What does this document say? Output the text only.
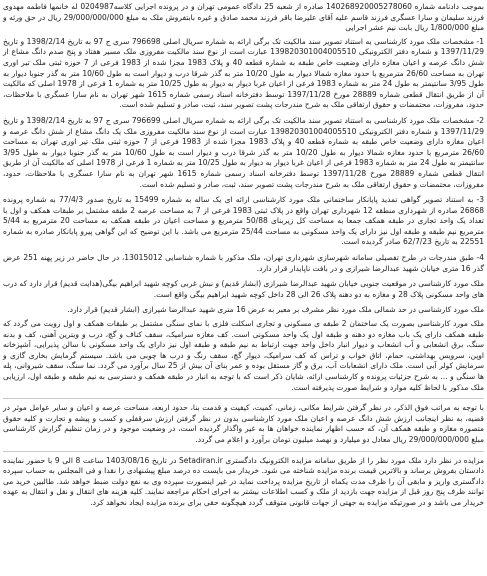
بموجب دادنامه شماره 140268920005278060 صادره از شعبه 25 دادگاه عمومی تهران و در پرونده اجرایی کلاسه0204987 له خانمها فاطمه مهدوی فرزند سلیمان و سارا عسگری فرزند قاسم علیه آقای علیرضا باقر فرزند محمد صادق و غیره بابتفروش ملک به مبلغ 29/000/000/000 ریال در حق ورثه و مبلغ 1/800/000 ریال بابت نیم عشر اجرایی

1- مشخصات ملک مورد کارشناسی به استناد تصویر سند مالکیت تک برگی ارائه به شماره سریال اصلی 796698 سری ج 97 به تاریخ 1398/2/14 و تاریخ 1397/11/29 و شماره دفتر الکترونیکی 139820301004005510 عبارت است از نوع سند مالکیت مفروزی ملک مسیر هفتاد و پنج صدم دانگ مشاع از شش دانگ عرصه و اعیان مغازه دارای وضعیت خاص طبقه به شماره قطعه 40 و پلاک 1983 مجزا شده از 1983 فرعی از 7 حوزه ثبتی ملک تیر اوری تهران به مساحت 26/60 مترمربع با حدود مغازه شمالا دیوار به طول 10/20 متر به گذر شرقا درب و دیوار است به طول 10/60 متر به گذر جنوبا دیوار به طول 3/95 سانتیمتر به طول 24 متر به شماره 1983 فرعی از اعیان غربا دیوار به دیوار به طول 10/25 متر به شماره 1 فرعی از 1978 اصلی که مالکیت آن از طریق انتقال قطعی شماره 28889 مورخ 1397/11/28 توسط دفترخانه اسناد رسمی شماره 1615 شهر تهران به نام سارا عسگری با ملاحظات، حدود، مفروزات، محتمضات و حقوق ارتفاقی ملک به شرح مندرجات پشت تصویر سند، ثبت، صادر و تسلیم شده است.

2- مشخصات ملک مورد کارشناسی به استناد تصویر سند مالکیت تک برگی ارائه به شماره سریال اصلی 796699 سری ج 97 به تاریخ 1398/2/14 و تاریخ 1397/11/29 و شماره دفتر الکترونیکی 139820301004005510 عبارت است از نوع سند مالکیت مفروزی ملک یک دانگ مشاع از شش دانگ عرصه و اعیان مغازه دارای وضعیت خاص طبقه به شماره قطعه 40 و پلاک 1983 مجزا شده از 1983 فرعی از 7 حوزه ثبتی ملک تیر اوری تهران به مساحت 26/60 مترمربع با حدود مغازه شمالا دیوار به طول 10/20 متر به گذر شرقا درب و دیوار است به طول 10/60 متر به گذر جنوبا دیوار به طول 3/95 سانتیمتر به طول 24 متر به شماره 1983 فرعی از اعیان غربا دیوار به دیوار به طول 10/25 متر به شماره 1 فرعی از 1978 اصلی که مالکیت آن از طریق انتقال قطعی شماره 28889 مورخ 1397/11/28 توسط دفترخانه اسناد رسمی شماره 1615 شهر تهران به نام سارا عسگری با ملاحظات، حدود، مفروزات، محتمضات و حقوق ارتفاقی ملک به شرح مندرجات پشت تصویر سند، ثبت، صادر و تسلیم شده است.

3- به استناد تصویر گواهی تمدید پایانکار ساختمانی ملک مورد کارشناسی ارائه ای یک ساله به شماره 15499 به تاریخ صدور 77/4/3 به شماره پرونده 26868 صادره از شهرداری منطقه 12 شهرداری تهران واقع در پلاک ثبتی 1983 فرعی از 7 به مساحت عرصه 2 طبقه مشتمل بر طبقات همکف و اول با تعداد یک واحد تجاری در طبقه همکف جمعا به مساحت کل زیربنای 50/88 مترمربع و مساحت اعیان در طبقه همکف به مساحت 20 مترمربع به 5/44 مترمربع نیم طبقه و طبقه اول نیز دارای یک واحد مسکونی به مساحت 25/44 مترمربع می باشد. با این توضیح که این گواهی پیرو پایانکار صادره به شماره 22551 به تاریخ 62/7/23 صادر گردیده است.

4- طبق مندرجات در طرح تفصیلی سامانه شهرسازی شهرداری تهران، ملک مذکور با شماره شناسایی 13015012، در حال حاضر در زیر پهنه 251 عرض گذر 16 متری خیابان شهید عبدالرضا شیرازی و در بافت ناپایدار قرار دارد.

ملک مورد کارشناسی در موقعیت جنوبی خیابان شهید عبدالرضا شیرازی (ابشار قدیم) و نبش غربی کوچه شهید ابراهیم بیگی(هدایت قدیم) قرار دارد که درب های واحد مسکونی پلاک 28 و مغازه به دو دهنه پلاک 26 الی 28 داخل کوچه شهید ابراهیم بیگی واقع است.

ملک مورد کارشناسی در حد شمالی ملک مورد نظر مشرف بر معبر به عرض 16 متری شهید عبدالرضا شیرازی (ابشار قدیم) قرار دارد.

ملک مورد کارشناسی بصورت یک ساختمان 2 طبقه ی مسکونی و تجاری اسکلت فلزی با نمای سنگی مشتمل بر طبقات همکف و اول رویت می گردد که طبقه همکف دارای یک باب مغازه دو دهنه و طبقه اول یک واحد مسکونی است. کف مغازه سرامیک، سقف کناف و گچ، درب و ویترین آهنی، کف و بدنه سنگ، برق انشعابی و آب انشعاب و دیوار انبار داخل واحد جهت ارتباط به نیم طبقه و طبقه اول نیز دارای یک واحد مسکونی با سالن پذیرایی، آشپزخانه اوپن، سرویس بهداشتی، حمام، اتاق خواب و تراس که کف سرامیک، دیوار گچ، سقف رنگ و درب ها چوبی می باشد. سیستم گرمایش بخاری گازی و سرمایش کولر آبی است. ملک دارای انشعابات آب، برق و گاز مستقل بوده و عمر بنای آن بیش از 25 سال برآورد می گردد. نما سنگ، سقف شیروانی، پله ها سنگی و ... به شرح جزئیات پرونده و کارشناسی ارائه، شایان ذکر است که با توجه به انبار در طبقه همکف و دسترسی به نیم طبقه و طبقه اول، ارزیابی ملک مذکور با لحاظ کلیه موارد و شرایط صورت پذیرفته است.

با توجه به مراتب فوق الذکر، در نظر گرفتن شرایط مکانی، زمانی، کمیت، کیفیت و قدمت بنا، حدود اربعه، مساحت عرصه و اعیان و سایر عوامل موثر در قضیه، به نظر اینجانب ارزش شش دانگ عرصه و اعیان ملک مورد کارشناسی بدون در نظر گرفتن ارزش سرقفلی و کسب و پیشه و تجارت و کلیه حقوق متصوره مغازه و طبقه همکف آن، که حسب اظهار نماینده خواهان ها به غیر واگذار گردیده است، در وضعیت موجود و در زمان تنظیم گزارش کارشناسی مبلغ 29/000/000/000 ریال معادل دو میلیارد و نهصد میلیون تومان برآورد و اعلام می گردد.

مزایده در نظر دارد ملک مورد نظر را از طریق سامانه مزایده الکترونیک دادگستری Setadiran.ir در تاریخ 1403/08/16 ساعت 8 الی 9 با حضور نماینده دادستان بفروش برساند و بالاترین قیمت برنده مزایده شناخته می شود. خریدار می بایست ده درصد مبلغ پیشنهادی را نقدا و فی المجلس به حساب سپرده دادگستری واریز و مابقی آن را ظرف مدت یکماه از تاریخ مزایده پرداخت نماید در غیر اینصورت سپرده وی به نفع دولت ضبط خواهد شد. طالبین خرید می توانند ظرف پنج روز قبل از مزایده جهت بازدید از ملک و کسب اطلاعات بیشتر به اجرای احکام مراجعه نمایند. کلیه هزینه های انتقال و نقل و انتقال به عهده خریدار می باشد و در صورتیکه مزایده به جهتی از جهات قانونی متوقف گردد هیچگونه حقی برای برنده مزایده ایجاد نخواهد کرد.
